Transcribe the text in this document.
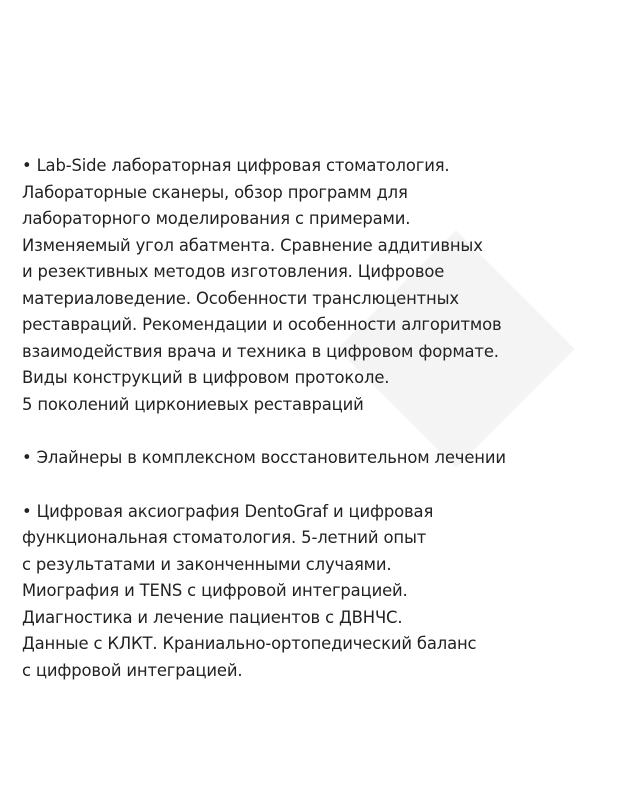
• Lab-Side лабораторная цифровая стоматология.
Лабораторные сканеры, обзор программ для
лабораторного моделирования с примерами.
Изменяемый угол абатмента. Сравнение аддитивных
и резективных методов изготовления. Цифровое
материаловедение. Особенности транслюцентных
реставраций. Рекомендации и особенности алгоритмов
взаимодействия врача и техника в цифровом формате.
Виды конструкций в цифровом протоколе.
5 поколений циркониевых реставраций
• Элайнеры в комплексном восстановительном лечении
• Цифровая аксиография DentoGraf и цифровая
функциональная стоматология. 5-летний опыт
с результатами и законченными случаями.
Миография и TENS с цифровой интеграцией.
Диагностика и лечение пациентов с ДВНЧС.
Данные с КЛКТ. Краниально-ортопедический баланс
с цифровой интеграцией.
